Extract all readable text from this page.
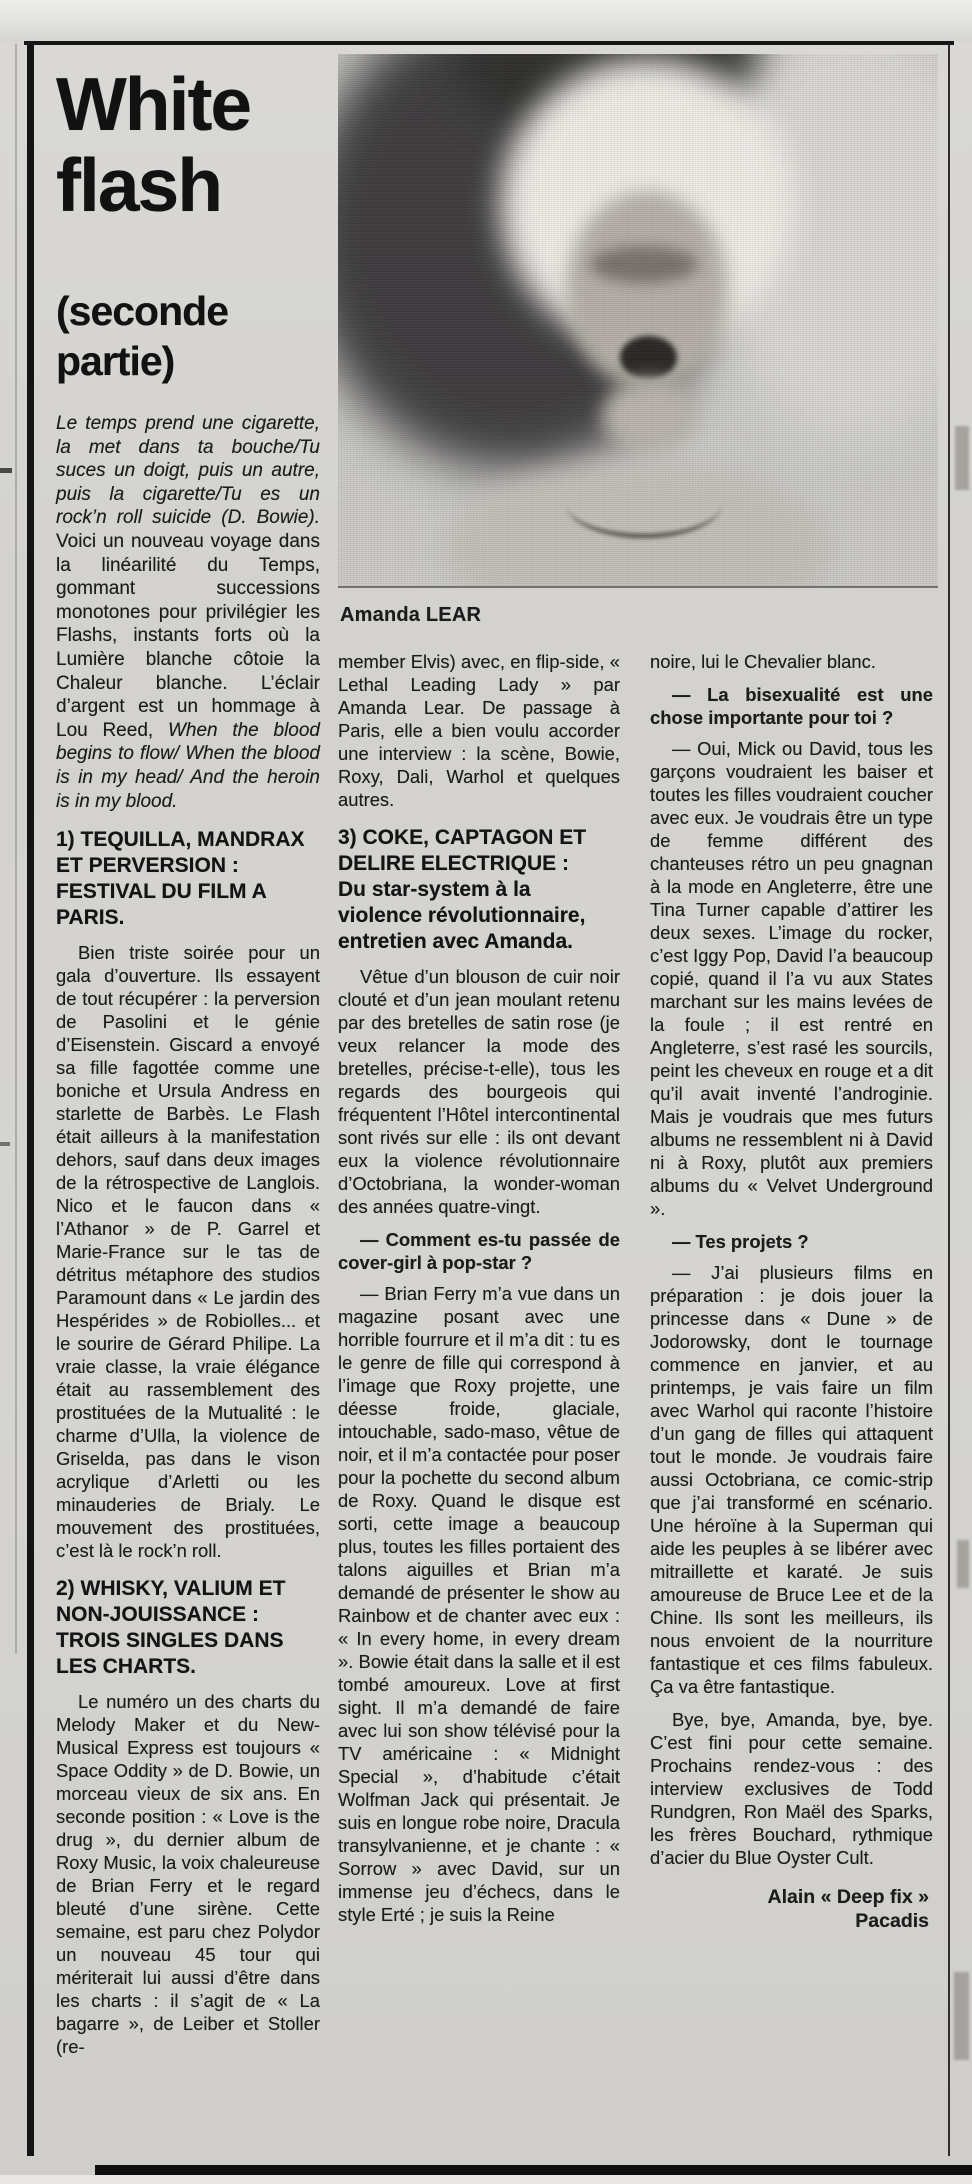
Amanda LEAR
White
flash
(seconde
partie)

Le temps prend une cigarette, la met dans ta bouche/Tu suces un doigt, puis un autre, puis la cigarette/Tu es un rock’n roll suicide (D. Bowie). Voici un nouveau voyage dans la linéarilité du Temps, gommant successions monotones pour privilégier les Flashs, instants forts où la Lumière blanche côtoie la Chaleur blanche. L’éclair d’argent est un hommage à Lou Reed, When the blood begins to flow/ When the blood is in my head/ And the heroin is in my blood.

1) TEQUILLA, MANDRAX ET PERVERSION : FESTIVAL DU FILM A PARIS.

Bien triste soirée pour un gala d’ouverture. Ils essayent de tout récupérer : la perversion de Pasolini et le génie d’Eisenstein. Giscard a envoyé sa fille fagottée comme une boniche et Ursula Andress en starlette de Barbès. Le Flash était ailleurs à la manifestation dehors, sauf dans deux images de la rétrospective de Langlois. Nico et le faucon dans « l’Athanor » de P. Garrel et Marie-France sur le tas de détritus métaphore des studios Paramount dans « Le jardin des Hespérides » de Robiolles... et le sourire de Gérard Philipe. La vraie classe, la vraie élégance était au rassemblement des prostituées de la Mutualité : le charme d’Ulla, la violence de Griselda, pas dans le vison acrylique d’Arletti ou les minauderies de Brialy. Le mouvement des prostituées, c’est là le rock’n roll.

2) WHISKY, VALIUM ET NON-JOUISSANCE : TROIS SINGLES DANS LES CHARTS.

Le numéro un des charts du Melody Maker et du New-Musical Express est toujours « Space Oddity » de D. Bowie, un morceau vieux de six ans. En seconde position : « Love is the drug », du dernier album de Roxy Music, la voix chaleureuse de Brian Ferry et le regard bleuté d’une sirène. Cette semaine, est paru chez Polydor un nouveau 45 tour qui mériterait lui aussi d’être dans les charts : il s’agit de « La bagarre », de Leiber et Stoller (re-

member Elvis) avec, en flip-side, « Lethal Leading Lady » par Amanda Lear. De passage à Paris, elle a bien voulu accorder une interview : la scène, Bowie, Roxy, Dali, Warhol et quelques autres.

3) COKE, CAPTAGON ET DELIRE ELECTRIQUE :
Du star-system à la violence révolutionnaire, entretien avec Amanda.

Vêtue d’un blouson de cuir noir clouté et d’un jean moulant retenu par des bretelles de satin rose (je veux relancer la mode des bretelles, précise-t-elle), tous les regards des bourgeois qui fréquentent l’Hôtel intercontinental sont rivés sur elle : ils ont devant eux la violence révolutionnaire d’Octobriana, la wonder-woman des années quatre-vingt.

— Comment es-tu passée de cover-girl à pop-star ?

— Brian Ferry m’a vue dans un magazine posant avec une horrible fourrure et il m’a dit : tu es le genre de fille qui correspond à l’image que Roxy projette, une déesse froide, glaciale, intouchable, sado-maso, vêtue de noir, et il m’a contactée pour poser pour la pochette du second album de Roxy. Quand le disque est sorti, cette image a beaucoup plus, toutes les filles portaient des talons aiguilles et Brian m’a demandé de présenter le show au Rainbow et de chanter avec eux : « In every home, in every dream ». Bowie était dans la salle et il est tombé amoureux. Love at first sight. Il m’a demandé de faire avec lui son show télévisé pour la TV américaine : « Midnight Special », d’habitude c’était Wolfman Jack qui présentait. Je suis en longue robe noire, Dracula transylvanienne, et je chante : « Sorrow » avec David, sur un immense jeu d’échecs, dans le style Erté ; je suis la Reine

noire, lui le Chevalier blanc.

— La bisexualité est une chose importante pour toi ?

— Oui, Mick ou David, tous les garçons voudraient les baiser et toutes les filles voudraient coucher avec eux. Je voudrais être un type de femme différent des chanteuses rétro un peu gnagnan à la mode en Angleterre, être une Tina Turner capable d’attirer les deux sexes. L’image du rocker, c’est Iggy Pop, David l’a beaucoup copié, quand il l’a vu aux States marchant sur les mains levées de la foule ; il est rentré en Angleterre, s’est rasé les sourcils, peint les cheveux en rouge et a dit qu’il avait inventé l’androginie. Mais je voudrais que mes futurs albums ne ressemblent ni à David ni à Roxy, plutôt aux premiers albums du « Velvet Underground ».

— Tes projets ?

— J’ai plusieurs films en préparation : je dois jouer la princesse dans « Dune » de Jodorowsky, dont le tournage commence en janvier, et au printemps, je vais faire un film avec Warhol qui raconte l’histoire d’un gang de filles qui attaquent tout le monde. Je voudrais faire aussi Octobriana, ce comic-strip que j’ai transformé en scénario. Une héroïne à la Superman qui aide les peuples à se libérer avec mitraillette et karaté. Je suis amoureuse de Bruce Lee et de la Chine. Ils sont les meilleurs, ils nous envoient de la nourriture fantastique et ces films fabuleux. Ça va être fantastique.

Bye, bye, Amanda, bye, bye. C’est fini pour cette semaine. Prochains rendez-vous : des interview exclusives de Todd Rundgren, Ron Maël des Sparks, les frères Bouchard, rythmique d’acier du Blue Oyster Cult.

Alain « Deep fix »
Pacadis
